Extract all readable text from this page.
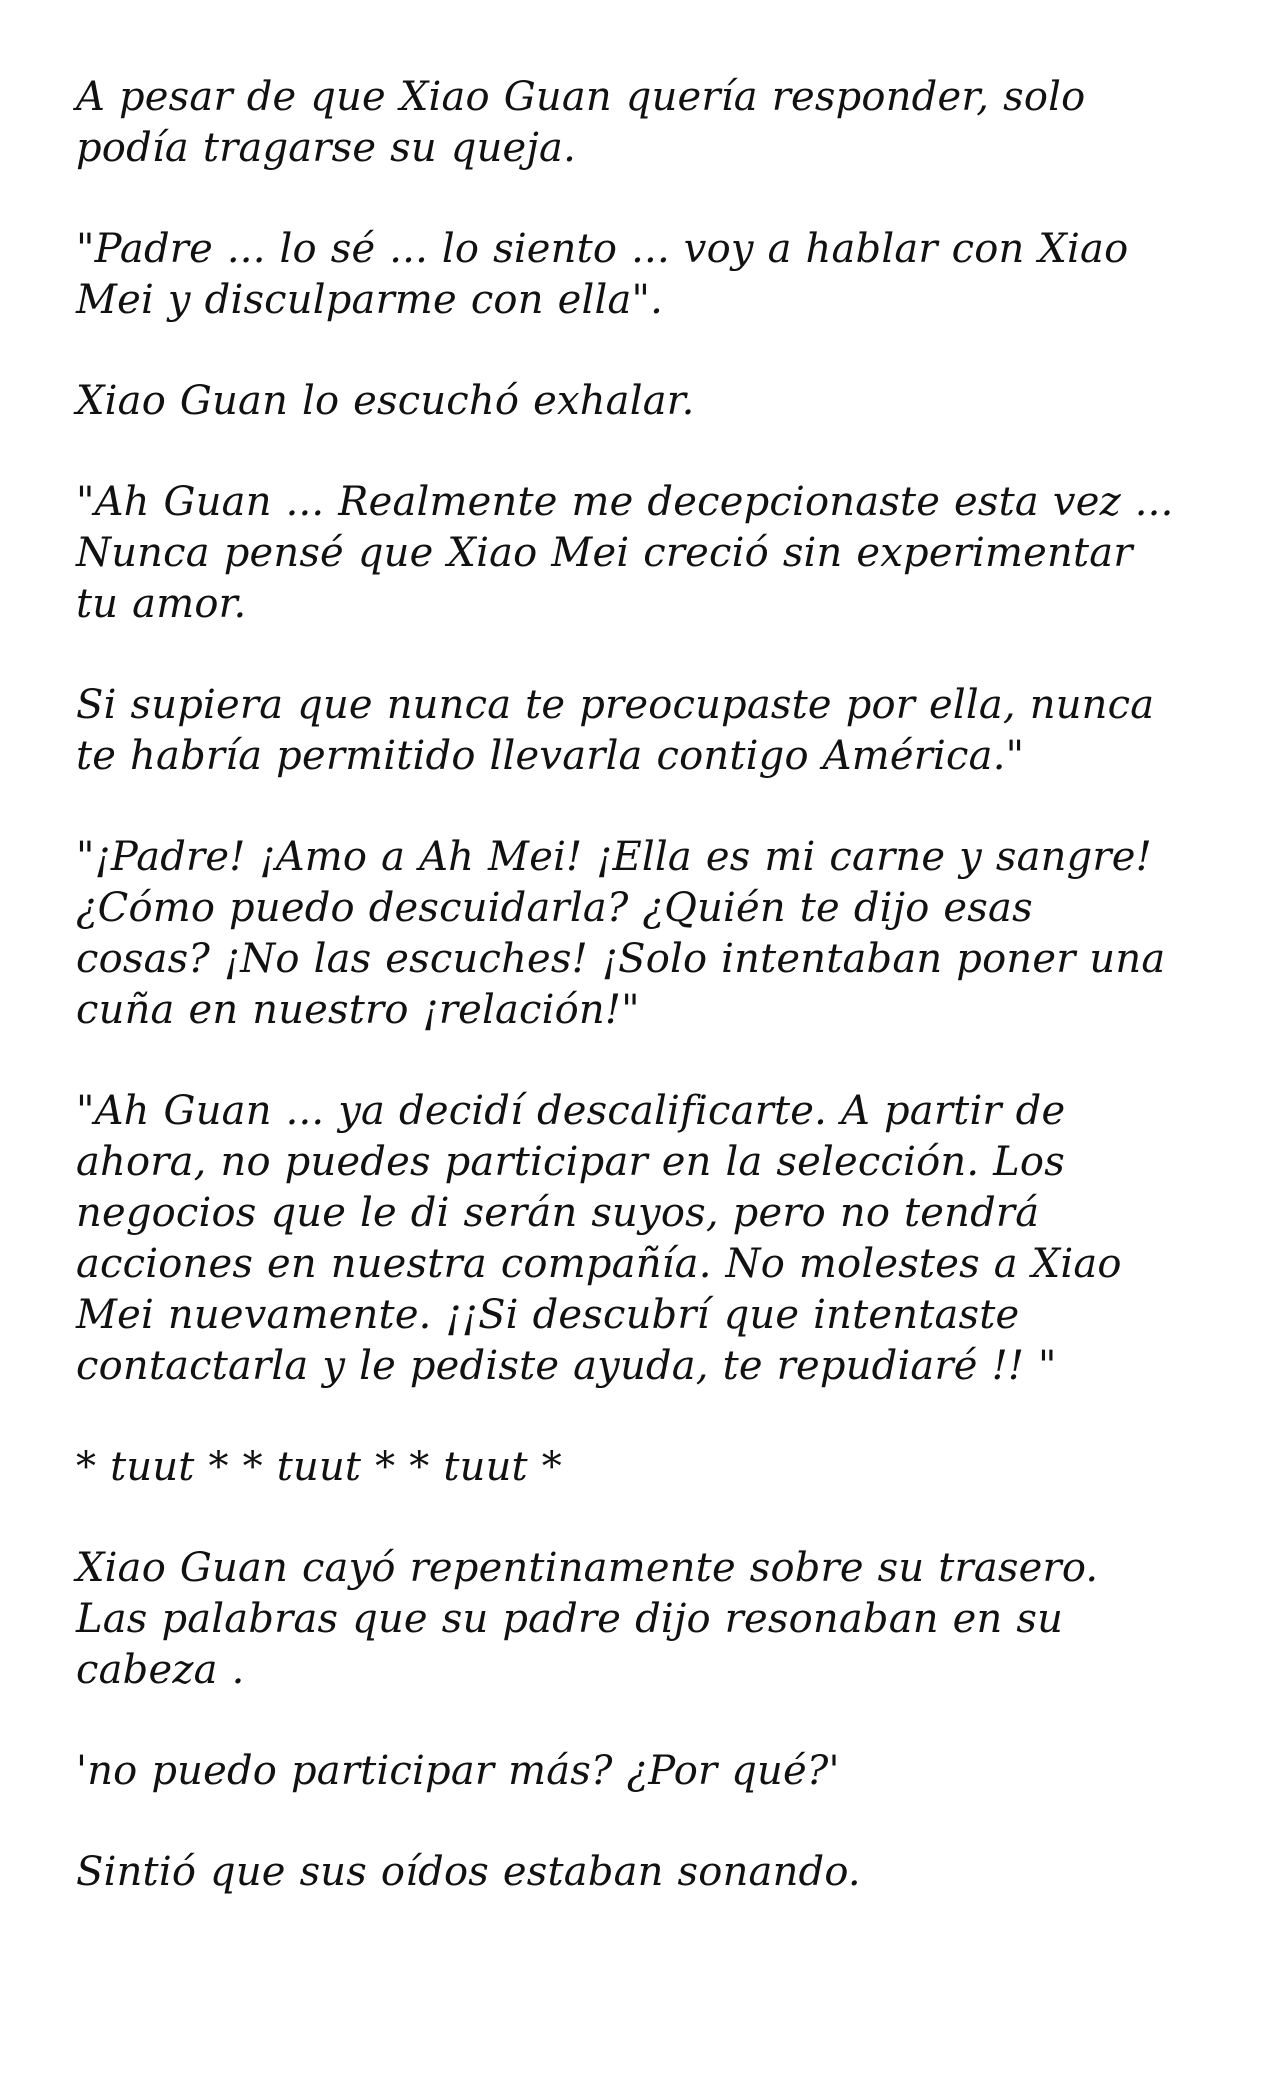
A pesar de que Xiao Guan quería responder, solo
podía tragarse su queja.

"Padre ... lo sé ... lo siento ... voy a hablar con Xiao
Mei y disculparme con ella".

Xiao Guan lo escuchó exhalar.

"Ah Guan ... Realmente me decepcionaste esta vez ...
Nunca pensé que Xiao Mei creció sin experimentar
tu amor.

Si supiera que nunca te preocupaste por ella, nunca
te habría permitido llevarla contigo América."

"¡Padre! ¡Amo a Ah Mei! ¡Ella es mi carne y sangre!
¿Cómo puedo descuidarla? ¿Quién te dijo esas
cosas? ¡No las escuches! ¡Solo intentaban poner una
cuña en nuestro ¡relación!"

"Ah Guan ... ya decidí descalificarte. A partir de
ahora, no puedes participar en la selección. Los
negocios que le di serán suyos, pero no tendrá
acciones en nuestra compañía. No molestes a Xiao
Mei nuevamente. ¡¡Si descubrí que intentaste
contactarla y le pediste ayuda, te repudiaré !! "

* tuut * * tuut * * tuut *

Xiao Guan cayó repentinamente sobre su trasero.
Las palabras que su padre dijo resonaban en su
cabeza .

'no puedo participar más? ¿Por qué?'

Sintió que sus oídos estaban sonando.
